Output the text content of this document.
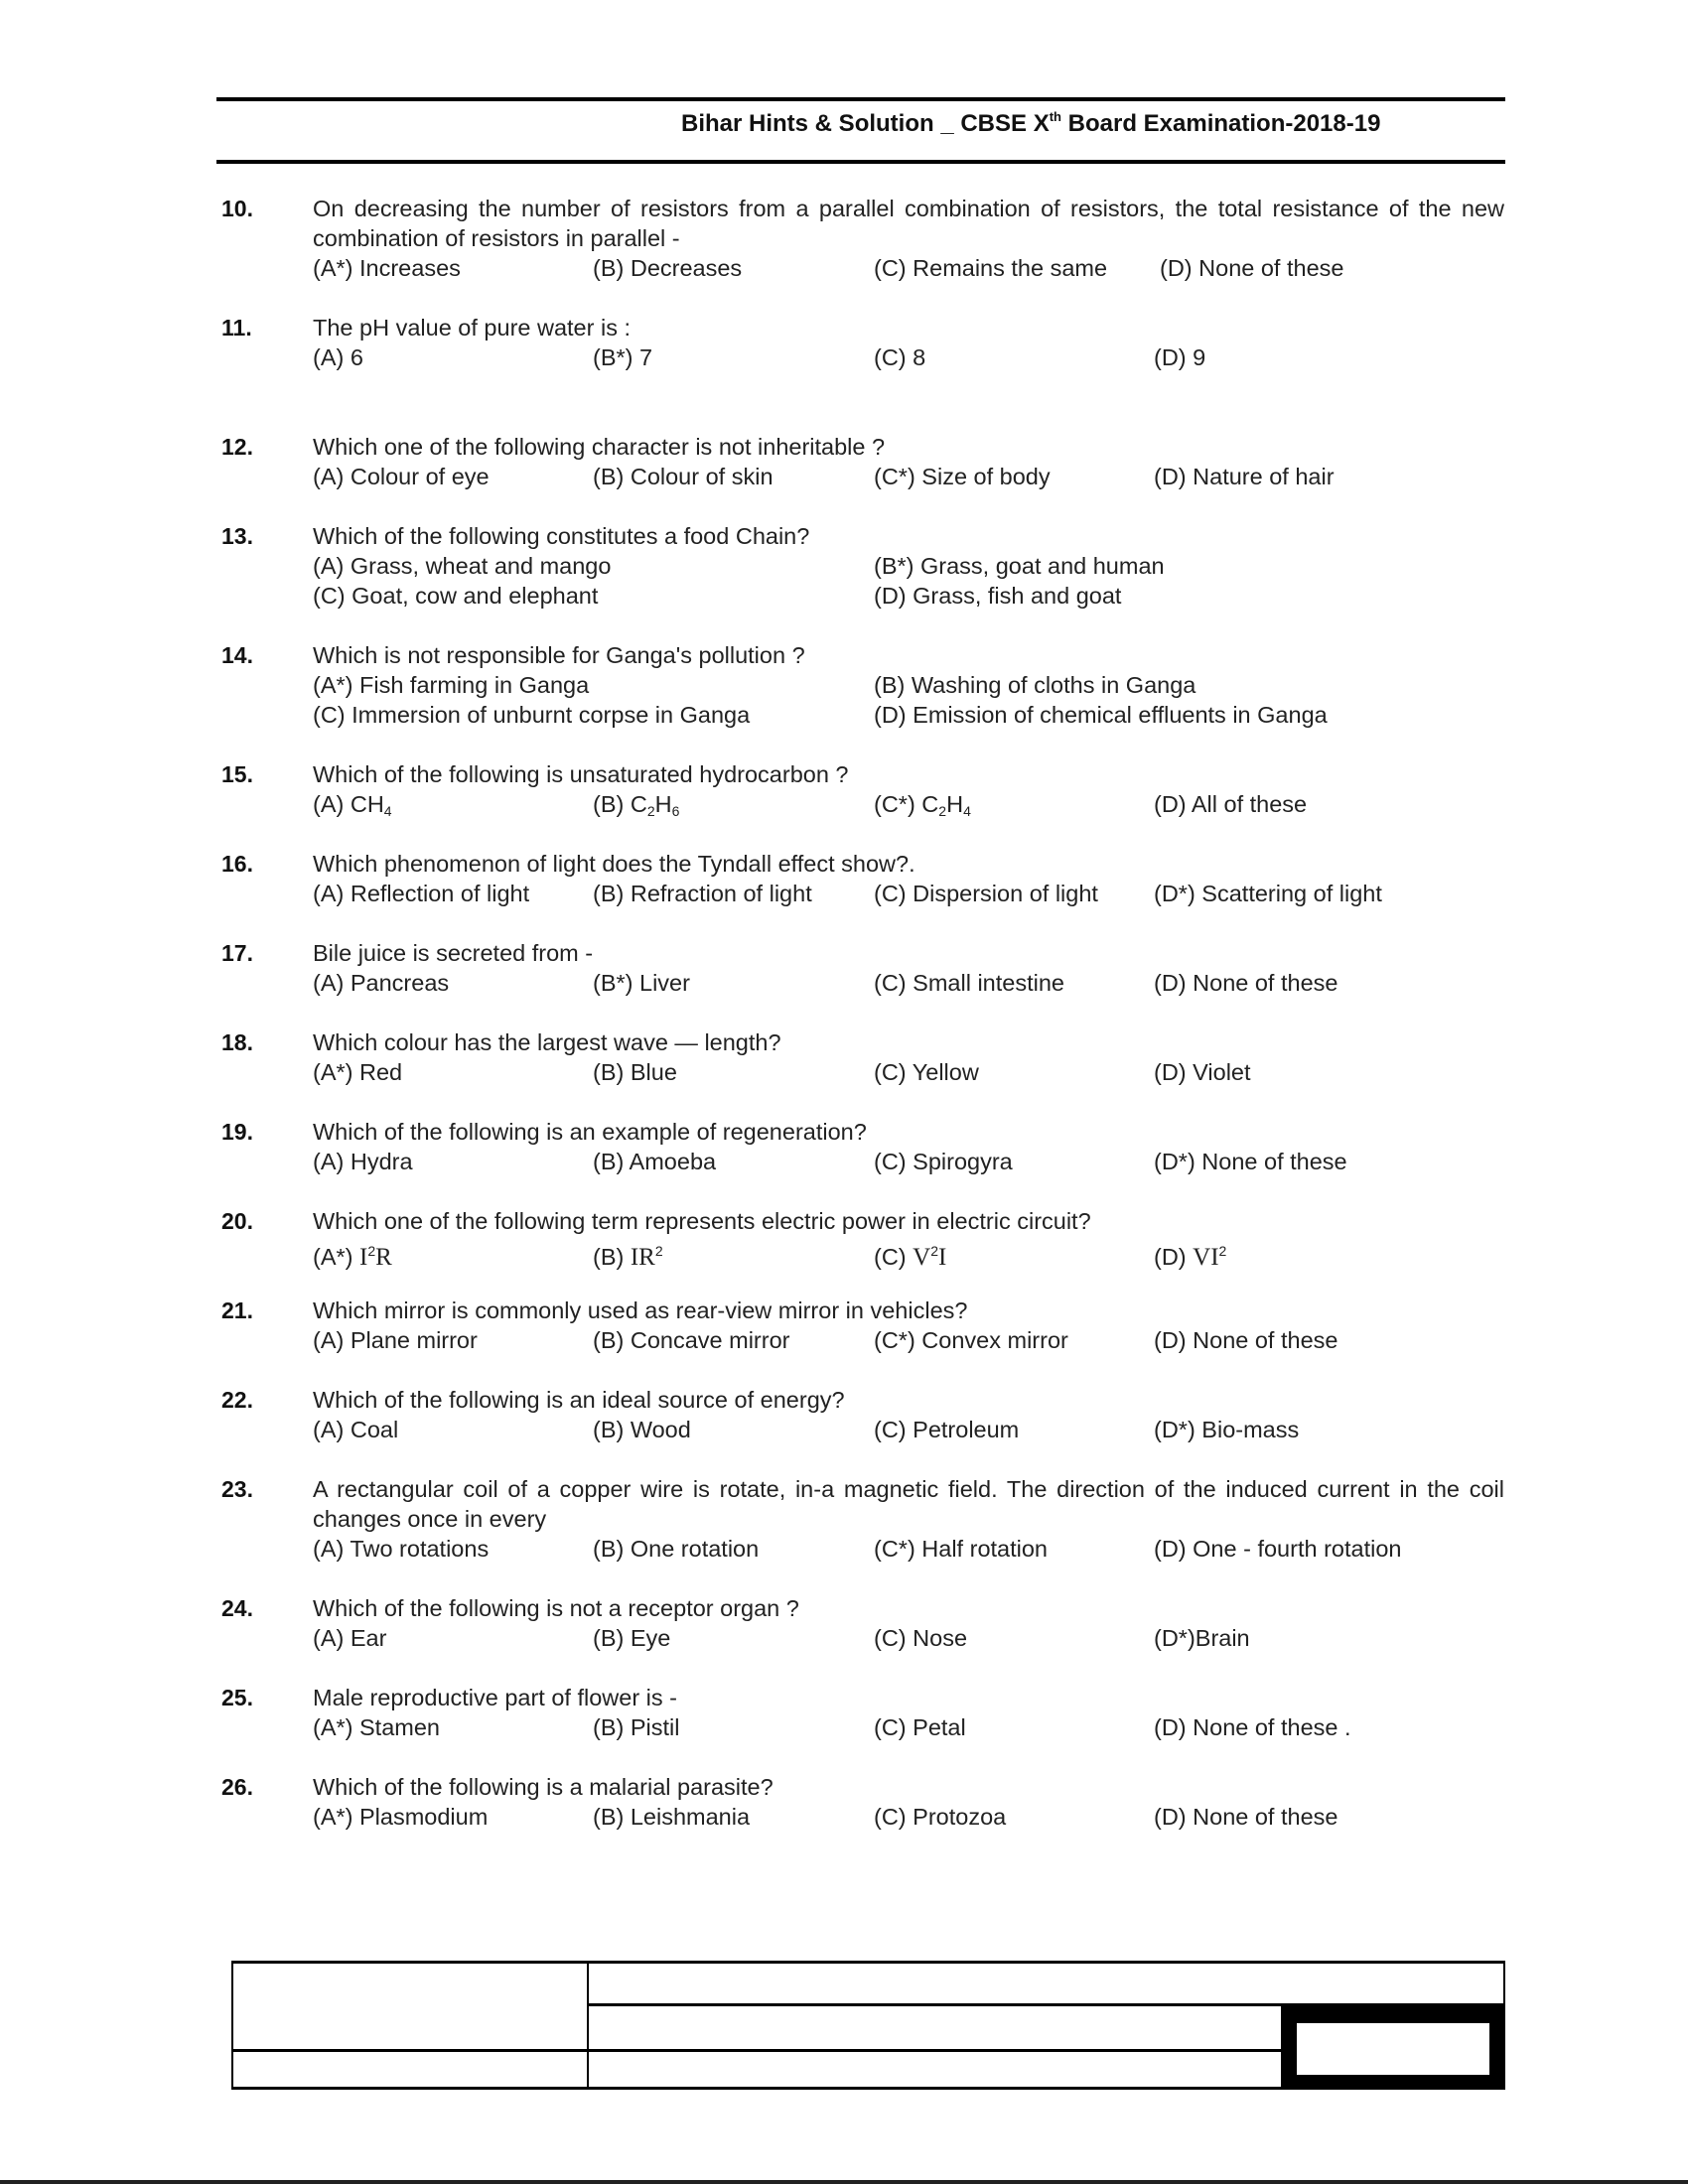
Bihar Hints & Solution _ CBSE Xth Board Examination-2018-19
10.	On decreasing the number of resistors from a parallel combination of resistors, the total resistance of the new combination of resistors in parallel -
(A*) Increases	(B) Decreases	(C) Remains the same (D) None of these
11.	The pH value of pure water is :
(A) 6	(B*) 7	(C) 8	(D) 9
12.	Which one of the following character is not inheritable ?
(A) Colour of eye	(B) Colour of skin	(C*) Size of body	(D) Nature of hair
13.	Which of the following constitutes a food Chain?
(A) Grass, wheat and mango	(B*) Grass, goat and human
(C) Goat, cow and elephant	(D) Grass, fish and goat
14.	Which is not responsible for Ganga's pollution ?
(A*) Fish farming in Ganga	(B) Washing of cloths in Ganga
(C) Immersion of unburnt corpse in Ganga	(D) Emission of chemical effluents in Ganga
15.	Which of the following is unsaturated hydrocarbon ?
(A) $CH_4$	(B) $C_2H_6$	(C*) $C_2H_4$	(D) All of these
16.	Which phenomenon of light does the Tyndall effect show?.
(A) Reflection of light	(B) Refraction of light	(C) Dispersion of light (D*) Scattering of light
17.	Bile juice is secreted from -
(A) Pancreas	(B*) Liver	(C) Small intestine	(D) None of these
18.	Which colour has the largest wave — length?
(A*) Red	(B) Blue	(C) Yellow	(D) Violet
19.	Which of the following is an example of regeneration?
(A) Hydra	(B) Amoeba	(C) Spirogyra	(D*) None of these
20.	Which one of the following term represents electric power in electric circuit?
(A*) $I^2R$	(B) $IR^2$	(C) $V^2I$	(D) $VI^2$
21.	Which mirror is commonly used as rear-view mirror in vehicles?
(A) Plane mirror	(B) Concave mirror	(C*) Convex mirror	(D) None of these
22.	Which of the following is an ideal source of energy?
(A) Coal	(B) Wood	(C) Petroleum	(D*) Bio-mass
23.	A rectangular coil of a copper wire is rotate, in-a magnetic field. The direction of the induced current in the coil changes once in every
(A) Two rotations	(B) One rotation	(C*) Half rotation	(D) One - fourth rotation
24.	Which of the following is not a receptor organ ?
(A) Ear	(B) Eye	(C) Nose	(D*)Brain
25.	Male reproductive part of flower is -
(A*) Stamen	(B) Pistil	(C) Petal	(D) None of these .
26.	Which of the following is a malarial parasite?
(A*) Plasmodium	(B) Leishmania	(C) Protozoa	(D) None of these
